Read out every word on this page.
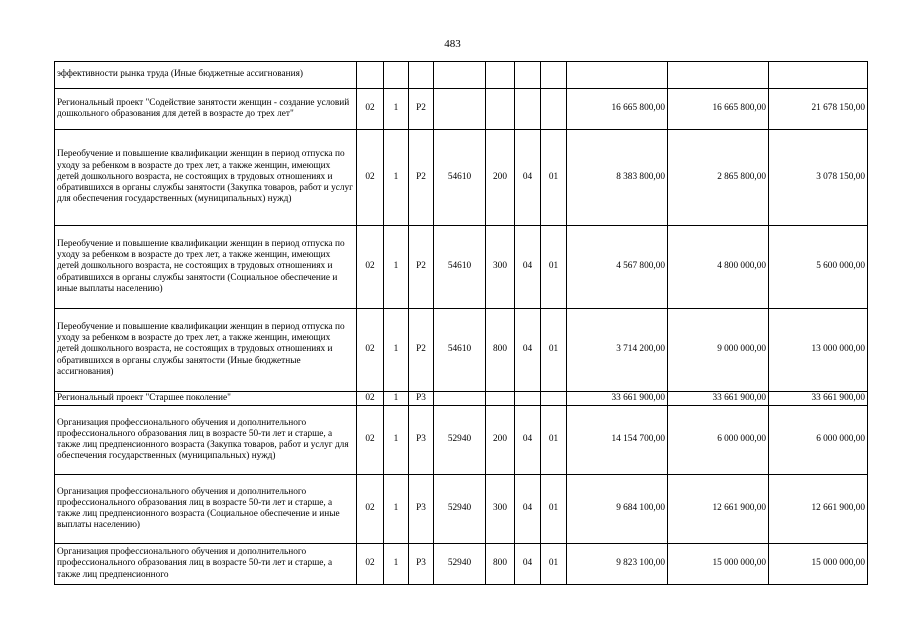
483
эффективности рынка труда (Иные бюджетные ассигнования)										
Региональный проект "Содействие занятости женщин - создание условий дошкольного образования для детей в возрасте до трех лет"	02	1	P2					16 665 800,00	16 665 800,00	21 678 150,00
Переобучение и повышение квалификации женщин в период отпуска по уходу за ребенком в возрасте до трех лет, а также женщин, имеющих детей дошкольного возраста, не состоящих в трудовых отношениях и обратившихся в органы службы занятости (Закупка товаров, работ и услуг для обеспечения государственных (муниципальных) нужд)	02	1	P2	54610	200	04	01	8 383 800,00	2 865 800,00	3 078 150,00
Переобучение и повышение квалификации женщин в период отпуска по уходу за ребенком в возрасте до трех лет, а также женщин, имеющих детей дошкольного возраста, не состоящих в трудовых отношениях и обратившихся в органы службы занятости (Социальное обеспечение и иные выплаты населению)	02	1	P2	54610	300	04	01	4 567 800,00	4 800 000,00	5 600 000,00
Переобучение и повышение квалификации женщин в период отпуска по уходу за ребенком в возрасте до трех лет, а также женщин, имеющих детей дошкольного возраста, не состоящих в трудовых отношениях и обратившихся в органы службы занятости (Иные бюджетные ассигнования)	02	1	P2	54610	800	04	01	3 714 200,00	9 000 000,00	13 000 000,00
Региональный проект "Старшее поколение"	02	1	P3					33 661 900,00	33 661 900,00	33 661 900,00
Организация профессионального обучения и дополнительного профессионального образования лиц в возрасте 50-ти лет и старше, а также лиц предпенсионного возраста (Закупка товаров, работ и услуг для обеспечения государственных (муниципальных) нужд)	02	1	P3	52940	200	04	01	14 154 700,00	6 000 000,00	6 000 000,00
Организация профессионального обучения и дополнительного профессионального образования лиц в возрасте 50-ти лет и старше, а также лиц предпенсионного возраста (Социальное обеспечение и иные выплаты населению)	02	1	P3	52940	300	04	01	9 684 100,00	12 661 900,00	12 661 900,00
Организация профессионального обучения и дополнительного профессионального образования лиц в возрасте 50-ти лет и старше, а также лиц предпенсионного	02	1	P3	52940	800	04	01	9 823 100,00	15 000 000,00	15 000 000,00
